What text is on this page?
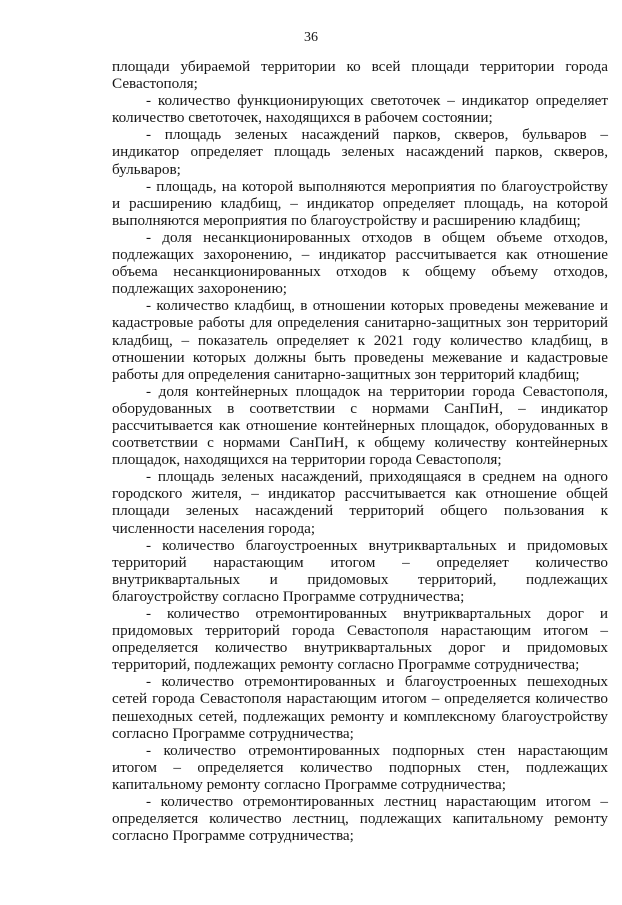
36

площади убираемой территории ко всей площади территории города Севастополя;

- количество функционирующих светоточек – индикатор определяет количество светоточек, находящихся в рабочем состоянии;

- площадь зеленых насаждений парков, скверов, бульваров – индикатор определяет площадь зеленых насаждений парков, скверов, бульваров;

- площадь, на которой выполняются мероприятия по благоустройству и расширению кладбищ, – индикатор определяет площадь, на которой выполняются мероприятия по благоустройству и расширению кладбищ;

- доля несанкционированных отходов в общем объеме отходов, подлежащих захоронению, – индикатор рассчитывается как отношение объема несанкционированных отходов к общему объему отходов, подлежащих захоронению;

- количество кладбищ, в отношении которых проведены межевание и кадастровые работы для определения санитарно-защитных зон территорий кладбищ, – показатель определяет к 2021 году количество кладбищ, в отношении которых должны быть проведены межевание и кадастровые работы для определения санитарно-защитных зон территорий кладбищ;

- доля контейнерных площадок на территории города Севастополя, оборудованных в соответствии с нормами СанПиН, – индикатор рассчитывается как отношение контейнерных площадок, оборудованных в соответствии с нормами СанПиН, к общему количеству контейнерных площадок, находящихся на территории города Севастополя;

- площадь зеленых насаждений, приходящаяся в среднем на одного городского жителя, – индикатор рассчитывается как отношение общей площади зеленых насаждений территорий общего пользования к численности населения города;

- количество благоустроенных внутриквартальных и придомовых территорий нарастающим итогом – определяет количество внутриквартальных и придомовых территорий, подлежащих благоустройству согласно Программе сотрудничества;

- количество отремонтированных внутриквартальных дорог и придомовых территорий города Севастополя нарастающим итогом – определяется количество внутриквартальных дорог и придомовых территорий, подлежащих ремонту согласно Программе сотрудничества;

- количество отремонтированных и благоустроенных пешеходных сетей города Севастополя нарастающим итогом – определяется количество пешеходных сетей, подлежащих ремонту и комплексному благоустройству согласно Программе сотрудничества;

- количество отремонтированных подпорных стен нарастающим итогом – определяется количество подпорных стен, подлежащих капитальному ремонту согласно Программе сотрудничества;

- количество отремонтированных лестниц нарастающим итогом – определяется количество лестниц, подлежащих капитальному ремонту согласно Программе сотрудничества;
